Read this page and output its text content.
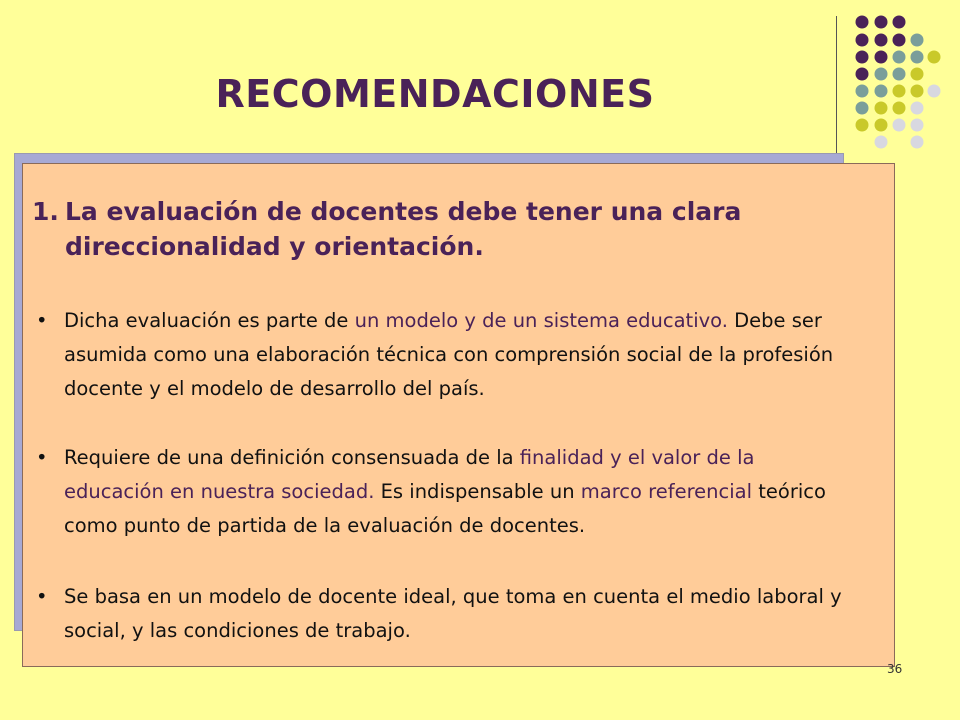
RECOMENDACIONES
1. La evaluación de docentes debe tener una clara direccionalidad y orientación.
• Dicha evaluación es parte de un modelo y de un sistema educativo. Debe ser asumida como una elaboración técnica con comprensión social de la profesión docente y el modelo de desarrollo del país.
• Requiere de una definición consensuada de la finalidad y el valor de la educación en nuestra sociedad. Es indispensable un marco referencial teórico como punto de partida de la evaluación de docentes.
• Se basa en un modelo de docente ideal, que toma en cuenta el medio laboral y social, y las condiciones de trabajo.
36
